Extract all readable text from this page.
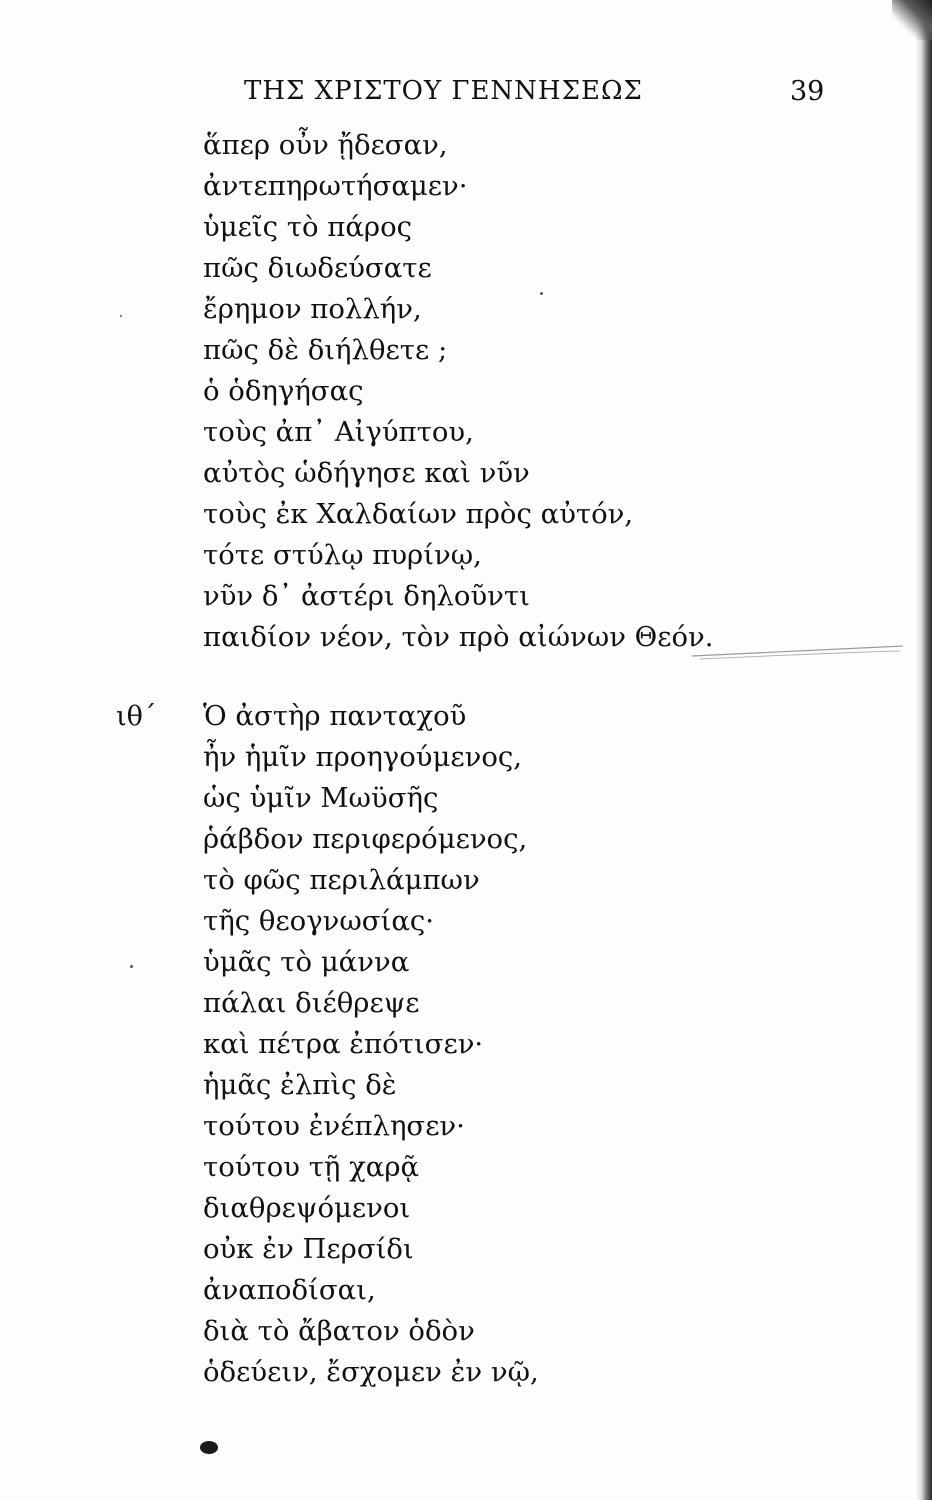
ΤΗΣ ΧΡΙΣΤΟΥ ΓΕΝΝΗΣΕΩΣ	39
ἅπερ οὖν ᾔδεσαν,
ἀντεπηρωτήσαμεν·
ὑμεῖς τὸ πάρος
πῶς διωδεύσατε
ἔρημον πολλήν,
πῶς δὲ διήλθετε ;
ὁ ὁδηγήσας
τοὺς ἀπ᾽ Αἰγύπτου,
αὐτὸς ὡδήγησε καὶ νῦν
τοὺς ἐκ Χαλδαίων πρὸς αὐτόν,
τότε στύλῳ πυρίνῳ,
νῦν δ᾽ ἀστέρι δηλοῦντι
παιδίον νέον, τὸν πρὸ αἰώνων Θεόν.
ιθ΄ Ὁ ἀστὴρ πανταχοῦ
ἦν ἡμῖν προηγούμενος,
ὡς ὑμῖν Μωϋσῆς
ῥάβδον περιφερόμενος,
τὸ φῶς περιλάμπων
τῆς θεογνωσίας·
ὑμᾶς τὸ μάννα
πάλαι διέθρεψε
καὶ πέτρα ἐπότισεν·
ἡμᾶς ἐλπὶς δὲ
τούτου ἐνέπλησεν·
τούτου τῇ χαρᾷ
διαθρεψόμενοι
οὐκ ἐν Περσίδι
ἀναποδίσαι,
διὰ τὸ ἄβατον ὁδὸν
ὁδεύειν, ἔσχομεν ἐν νῷ,
